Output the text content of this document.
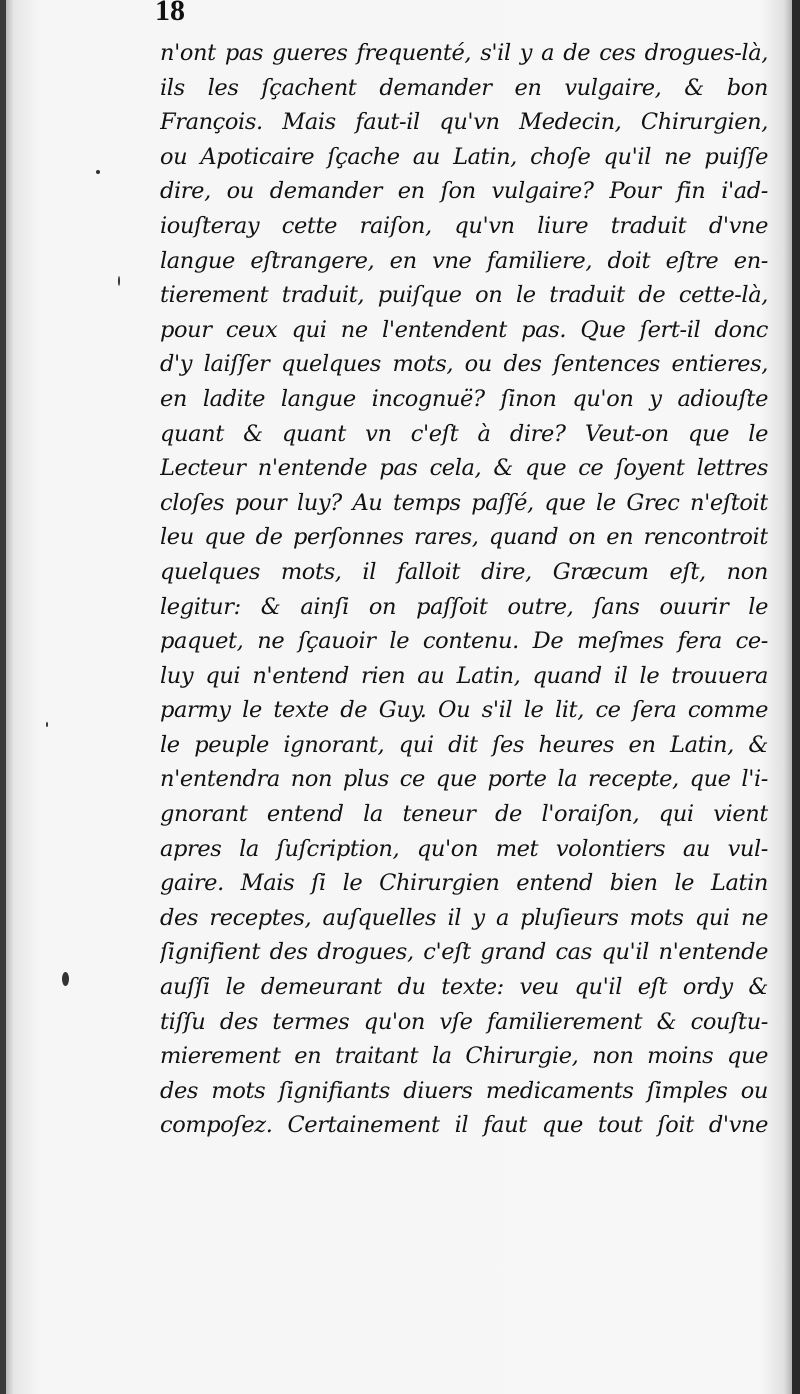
18
n'ont pas gueres frequenté, s'il y a de ces drogues-là,
ils les ſçachent demander en vulgaire, & bon
François. Mais faut-il qu'vn Medecin, Chirurgien,
ou Apoticaire ſçache au Latin, choſe qu'il ne puiſſe
dire, ou demander en ſon vulgaire? Pour fin i'ad-
iouſteray cette raiſon, qu'vn liure traduit d'vne
langue eſtrangere, en vne familiere, doit eſtre en-
tierement traduit, puiſque on le traduit de cette-là,
pour ceux qui ne l'entendent pas. Que ſert-il donc
d'y laiſſer quelques mots, ou des ſentences entieres,
en ladite langue incognuë? ſinon qu'on y adiouſte
quant & quant vn c'eſt à dire? Veut-on que le
Lecteur n'entende pas cela, & que ce ſoyent lettres
cloſes pour luy? Au temps paſſé, que le Grec n'eſtoit
leu que de perſonnes rares, quand on en rencontroit
quelques mots, il falloit dire, Græcum eſt, non
legitur: & ainſi on paſſoit outre, ſans ouurir le
paquet, ne ſçauoir le contenu. De meſmes fera ce-
luy qui n'entend rien au Latin, quand il le trouuera
parmy le texte de Guy. Ou s'il le lit, ce ſera comme
le peuple ignorant, qui dit ſes heures en Latin, &
n'entendra non plus ce que porte la recepte, que l'i-
gnorant entend la teneur de l'oraiſon, qui vient
apres la ſuſcription, qu'on met volontiers au vul-
gaire. Mais ſi le Chirurgien entend bien le Latin
des receptes, auſquelles il y a pluſieurs mots qui ne
ſignifient des drogues, c'eſt grand cas qu'il n'entende
auſſi le demeurant du texte: veu qu'il eſt ordy &
tiſſu des termes qu'on vſe familierement & couſtu-
mierement en traitant la Chirurgie, non moins que
des mots ſignifiants diuers medicaments ſimples ou
compoſez. Certainement il faut que tout ſoit d'vne
